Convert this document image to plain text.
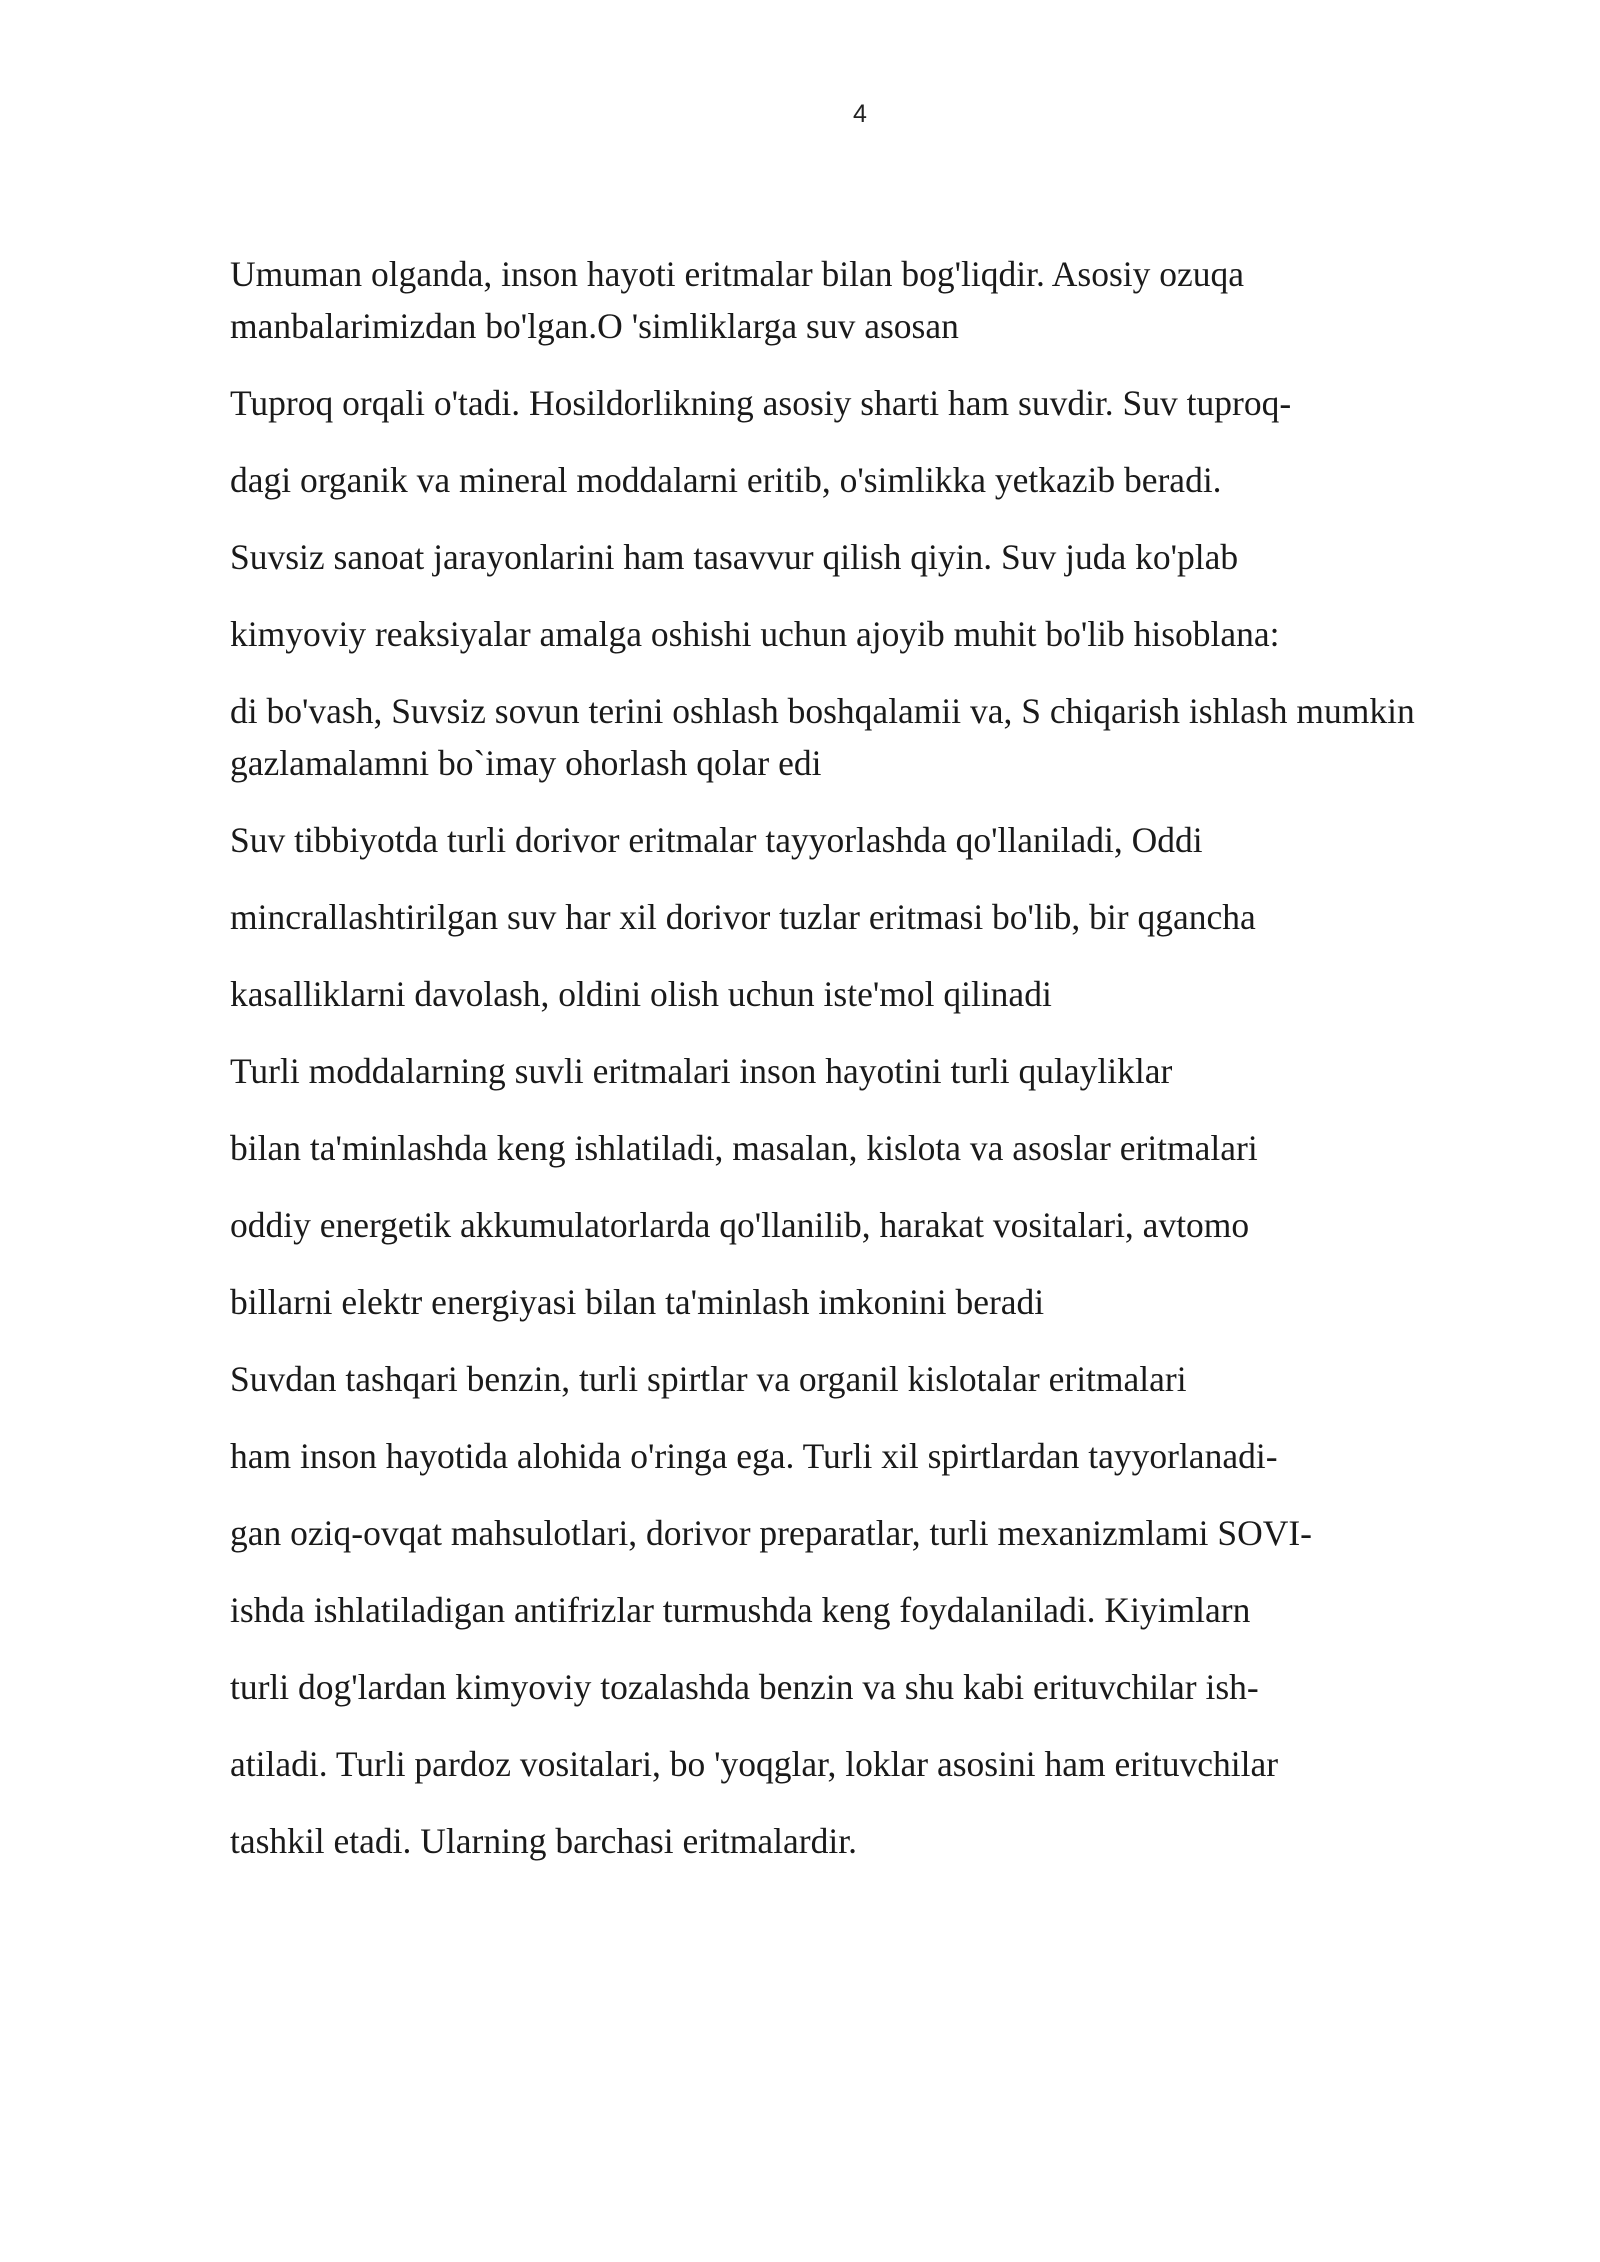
4
Umuman olganda, inson hayoti eritmalar bilan bog'liqdir. Asosiy ozuqa
manbalarimizdan bo'lgan.O 'simliklarga suv asosan
Tuproq orqali o'tadi. Hosildorlikning asosiy sharti ham suvdir. Suv tuproq-
dagi organik va mineral moddalarni eritib, o'simlikka yetkazib beradi.
Suvsiz sanoat jarayonlarini ham tasavvur qilish qiyin. Suv juda ko'plab
kimyoviy reaksiyalar amalga oshishi uchun ajoyib muhit bo'lib hisoblana:
di bo'vash, Suvsiz sovun terini oshlash boshqalamii va, S chiqarish ishlash mumkin
gazlamalamni bo`imay ohorlash qolar edi
Suv tibbiyotda turli dorivor eritmalar tayyorlashda qo'llaniladi, Oddi
mincrallashtirilgan suv har xil dorivor tuzlar eritmasi bo'lib, bir qgancha
kasalliklarni davolash, oldini olish uchun iste'mol qilinadi
Turli moddalarning suvli eritmalari inson hayotini turli qulayliklar
bilan ta'minlashda keng ishlatiladi, masalan, kislota va asoslar eritmalari
oddiy energetik akkumulatorlarda qo'llanilib, harakat vositalari, avtomo
billarni elektr energiyasi bilan ta'minlash imkonini beradi
Suvdan tashqari benzin, turli spirtlar va organil kislotalar eritmalari
ham inson hayotida alohida o'ringa ega. Turli xil spirtlardan tayyorlanadi-
gan oziq-ovqat mahsulotlari, dorivor preparatlar, turli mexanizmlami SOVI-
ishda ishlatiladigan antifrizlar turmushda keng foydalaniladi. Kiyimlarn
turli dog'lardan kimyoviy tozalashda benzin va shu kabi erituvchilar ish-
atiladi. Turli pardoz vositalari, bo 'yoqglar, loklar asosini ham erituvchilar
tashkil etadi. Ularning barchasi eritmalardir.
